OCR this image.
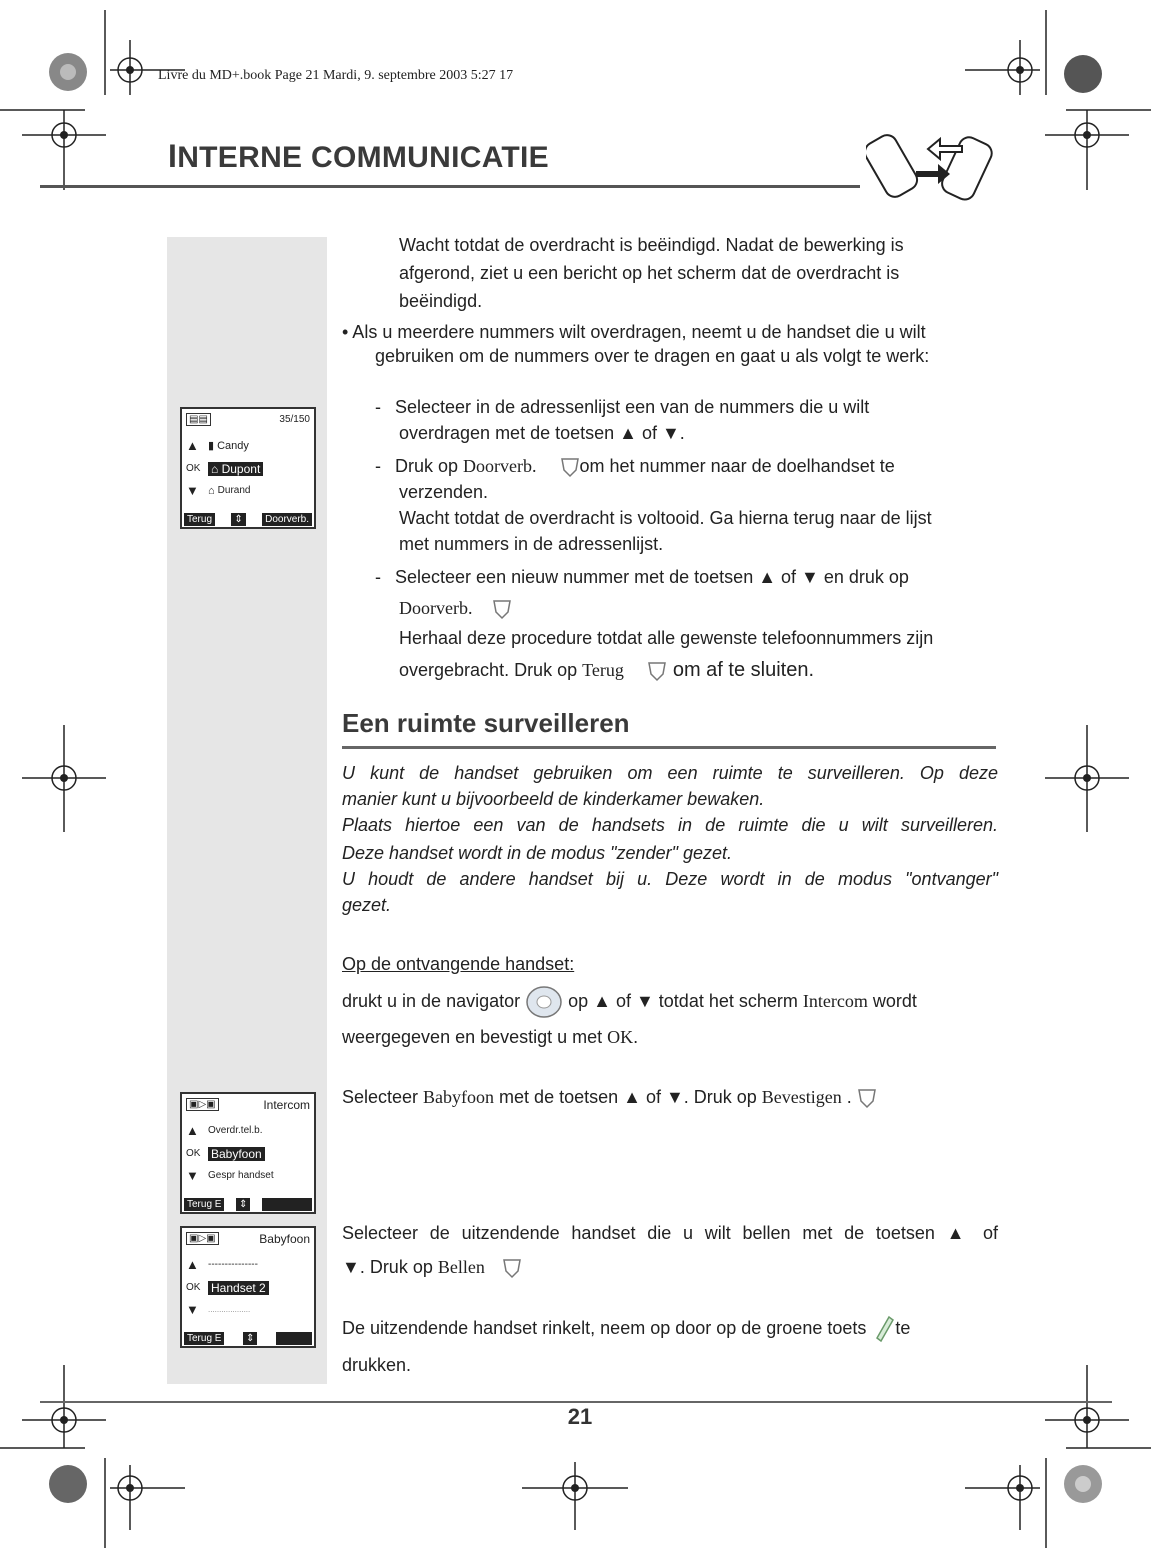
Livre du MD+.book Page 21 Mardi, 9. septembre 2003 5:27 17
INTERNE COMMUNICATIE
▤▤	35/150
▲ ▮ Candy
OK ⌂ Dupont
▼ ⌂ Durand
Terug	⇕	Doorverb.
▣▷▣	Intercom
▲ Overdr.tel.b.
OK Babyfoon
▼ Gespr handset
Terug E	⇕
▣▷▣	Babyfoon
▲ ---------------
OK Handset 2
▼	...................
Terug E	⇕
Wacht totdat de overdracht is beëindigd. Nadat de bewerking is afgerond, ziet u een bericht op het scherm dat de overdracht is beëindigd.
• Als u meerdere nummers wilt overdragen, neemt u de handset die u wilt gebruiken om de nummers over te dragen en gaat u als volgt te werk:
- Selecteer in de adressenlijst een van de nummers die u wilt
overdragen met de toetsen ▲ of ▼.
- Druk op Doorverb. om het nummer naar de doelhandset te
verzenden.
Wacht totdat de overdracht is voltooid. Ga hierna terug naar de lijst
met nummers in de adressenlijst.
- Selecteer een nieuw nummer met de toetsen ▲ of ▼ en druk op
Doorverb.
Herhaal deze procedure totdat alle gewenste telefoonnummers zijn
overgebracht. Druk op Terug om af te sluiten.
Een ruimte surveilleren
U kunt de handset gebruiken om een ruimte te surveilleren. Op deze
manier kunt u bijvoorbeeld de kinderkamer bewaken.
Plaats hiertoe een van de handsets in de ruimte die u wilt surveilleren.
Deze handset wordt in de modus "zender" gezet.
U houdt de andere handset bij u. Deze wordt in de modus "ontvanger"
gezet.
Op de ontvangende handset:
drukt u in de navigator  op ▲ of ▼ totdat het scherm Intercom wordt
weergegeven en bevestigt u met OK.
Selecteer Babyfoon met de toetsen ▲ of ▼. Druk op Bevestigen .
Selecteer de uitzendende handset die u wilt bellen met de toetsen ▲ of
▼. Druk op Bellen
De uitzendende handset rinkelt, neem op door op de groene toets te
drukken.
21
